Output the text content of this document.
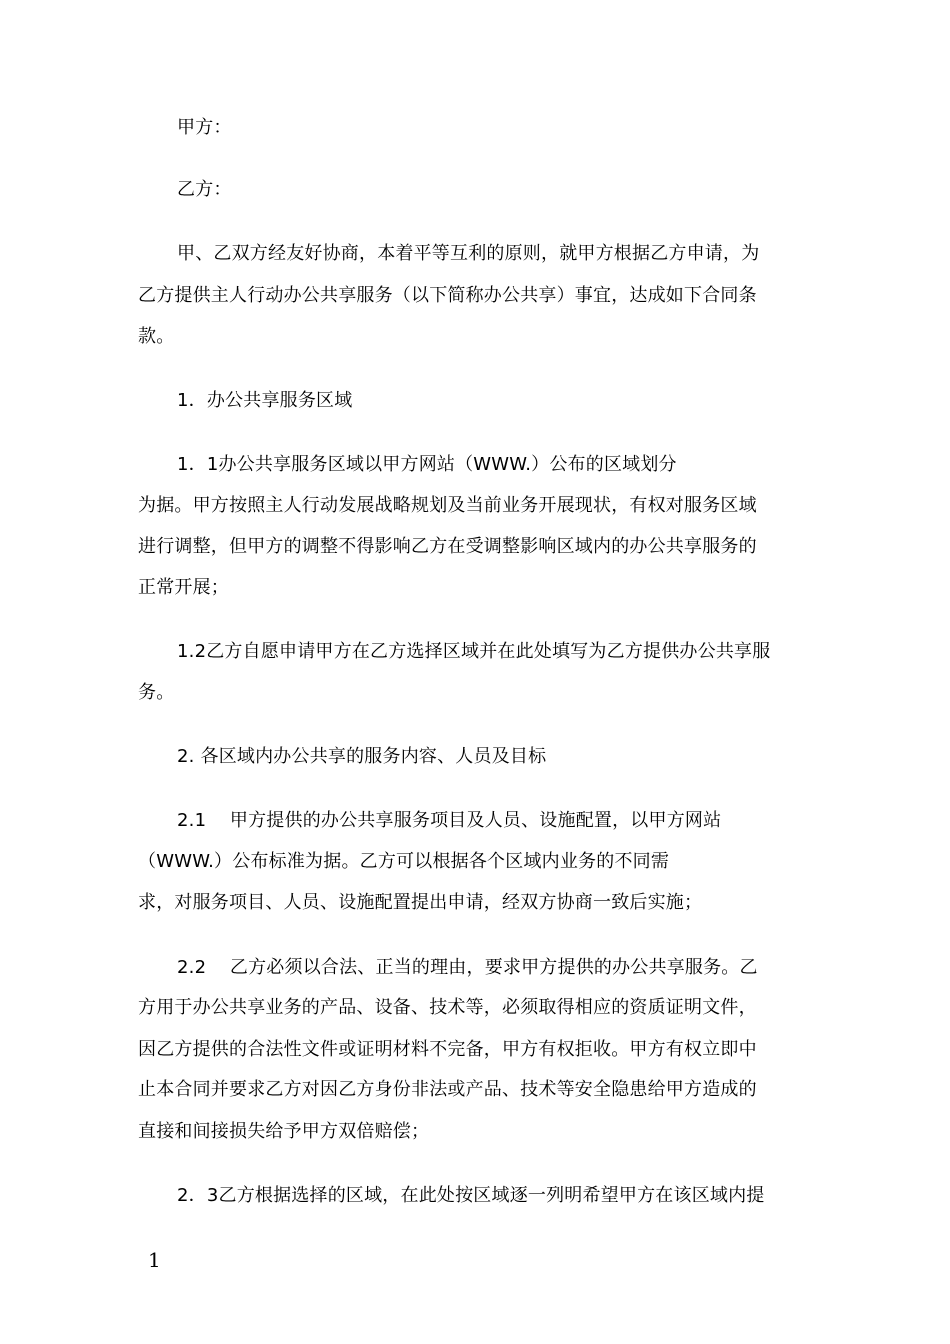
甲方：
乙方：
甲、乙双方经友好协商，本着平等互利的原则，就甲方根据乙方申请，为
乙方提供主人行动办公共享服务（以下简称办公共享）事宜，达成如下合同条
款。
1．办公共享服务区域
1．1办公共享服务区域以甲方网站（WWW.）公布的区域划分
为据。甲方按照主人行动发展战略规划及当前业务开展现状，有权对服务区域
进行调整，但甲方的调整不得影响乙方在受调整影响区域内的办公共享服务的
正常开展；
1.2乙方自愿申请甲方在乙方选择区域并在此处填写为乙方提供办公共享服
务。
2. 各区域内办公共享的服务内容、人员及目标
2.1    甲方提供的办公共享服务项目及人员、设施配置，以甲方网站
（WWW.）公布标准为据。乙方可以根据各个区域内业务的不同需
求，对服务项目、人员、设施配置提出申请，经双方协商一致后实施；
2.2    乙方必须以合法、正当的理由，要求甲方提供的办公共享服务。乙
方用于办公共享业务的产品、设备、技术等，必须取得相应的资质证明文件，
因乙方提供的合法性文件或证明材料不完备，甲方有权拒收。甲方有权立即中
止本合同并要求乙方对因乙方身份非法或产品、技术等安全隐患给甲方造成的
直接和间接损失给予甲方双倍赔偿；
2．3乙方根据选择的区域，在此处按区域逐一列明希望甲方在该区域内提
1
